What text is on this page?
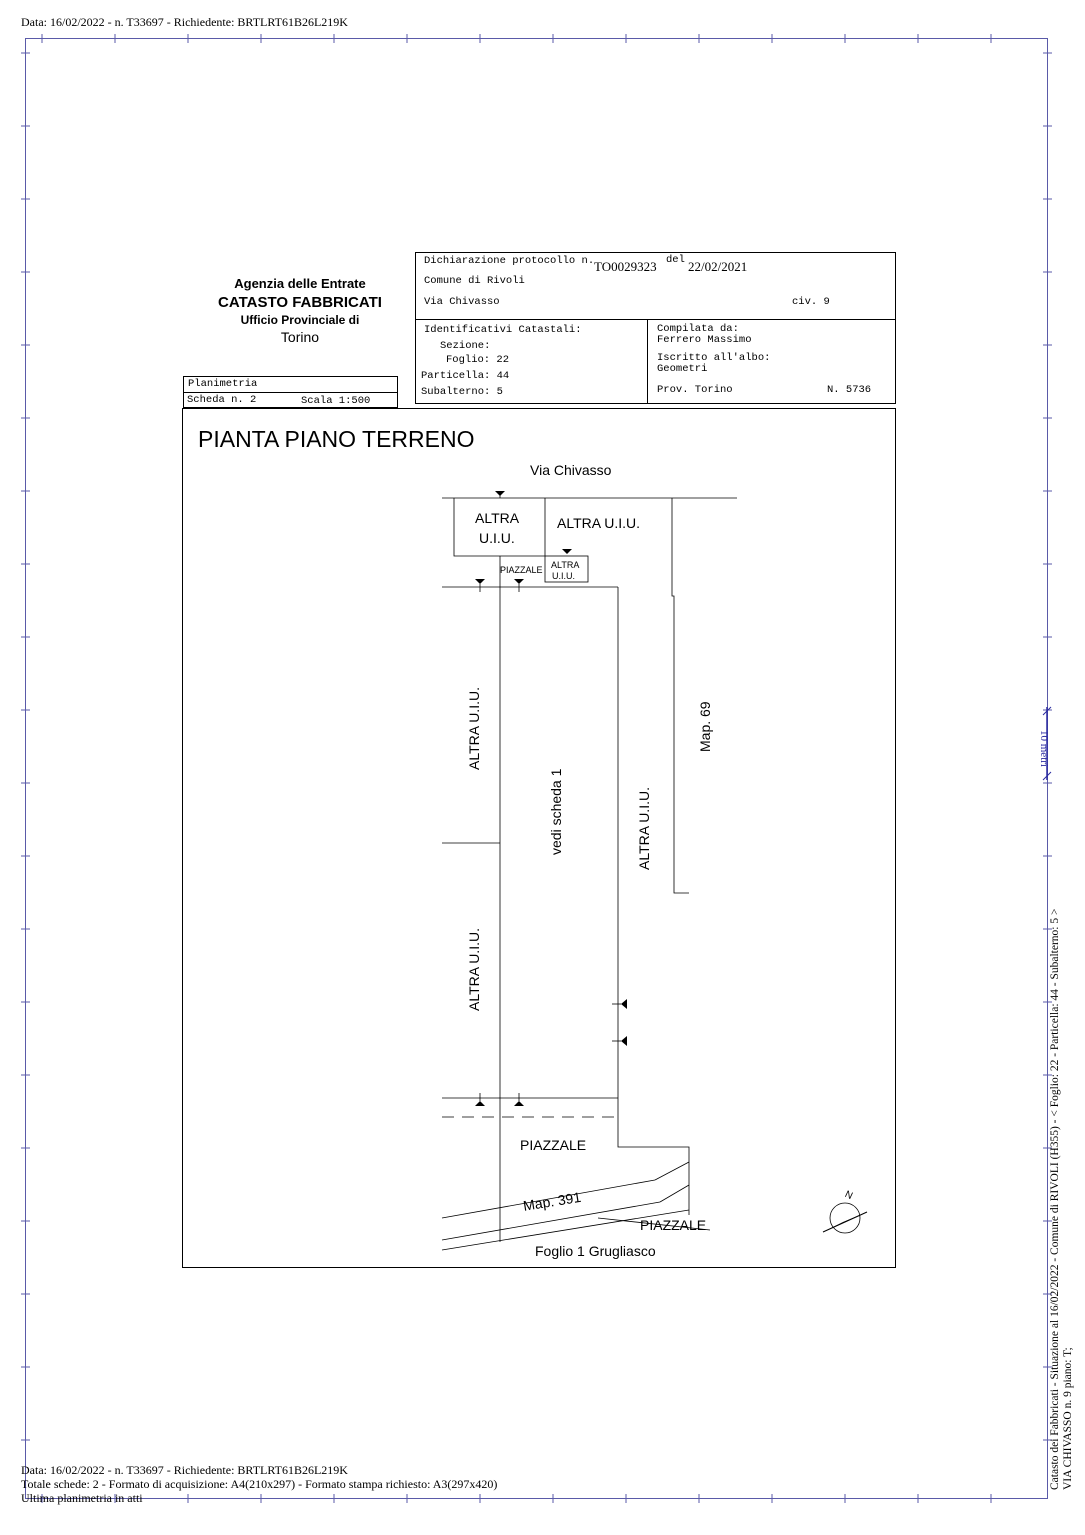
Data: 16/02/2022 - n. T33697 - Richiedente: BRTLRT61B26L219K
Agenzia delle Entrate
CATASTO FABBRICATI
Ufficio Provinciale di
Torino
Dichiarazione protocollo n. TO0029323 del 22/02/2021
Comune di Rivoli
Via Chivasso	civ. 9
Identificativi Catastali:
Sezione:
Foglio: 22
Particella: 44
Subalterno: 5
Compilata da:
Ferrero Massimo
Iscritto all'albo:
Geometri
Prov. Torino	N. 5736
Planimetria
Scheda n. 2	Scala 1:500
PIANTA PIANO TERRENO
Via Chivasso
ALTRA
U.I.U.
ALTRA U.I.U.
PIAZZALE ALTRA
U.I.U.
ALTRA U.I.U.
ALTRA U.I.U.
vedi scheda 1	ALTRA U.I.U.
Map. 69
PIAZZALE
Map. 391
PIAZZALE
Foglio 1 Grugliasco
N
10 metri
Catasto dei Fabbricati - Situazione al 16/02/2022 - Comune di RIVOLI (H355) - < Foglio: 22 - Particella: 44 - Subalterno: 5 > VIA CHIVASSO n. 9 piano: T;
Data: 16/02/2022 - n. T33697 - Richiedente: BRTLRT61B26L219K
Totale schede: 2 - Formato di acquisizione: A4(210x297) - Formato stampa richiesto: A3(297x420)
Ultima planimetria in atti
